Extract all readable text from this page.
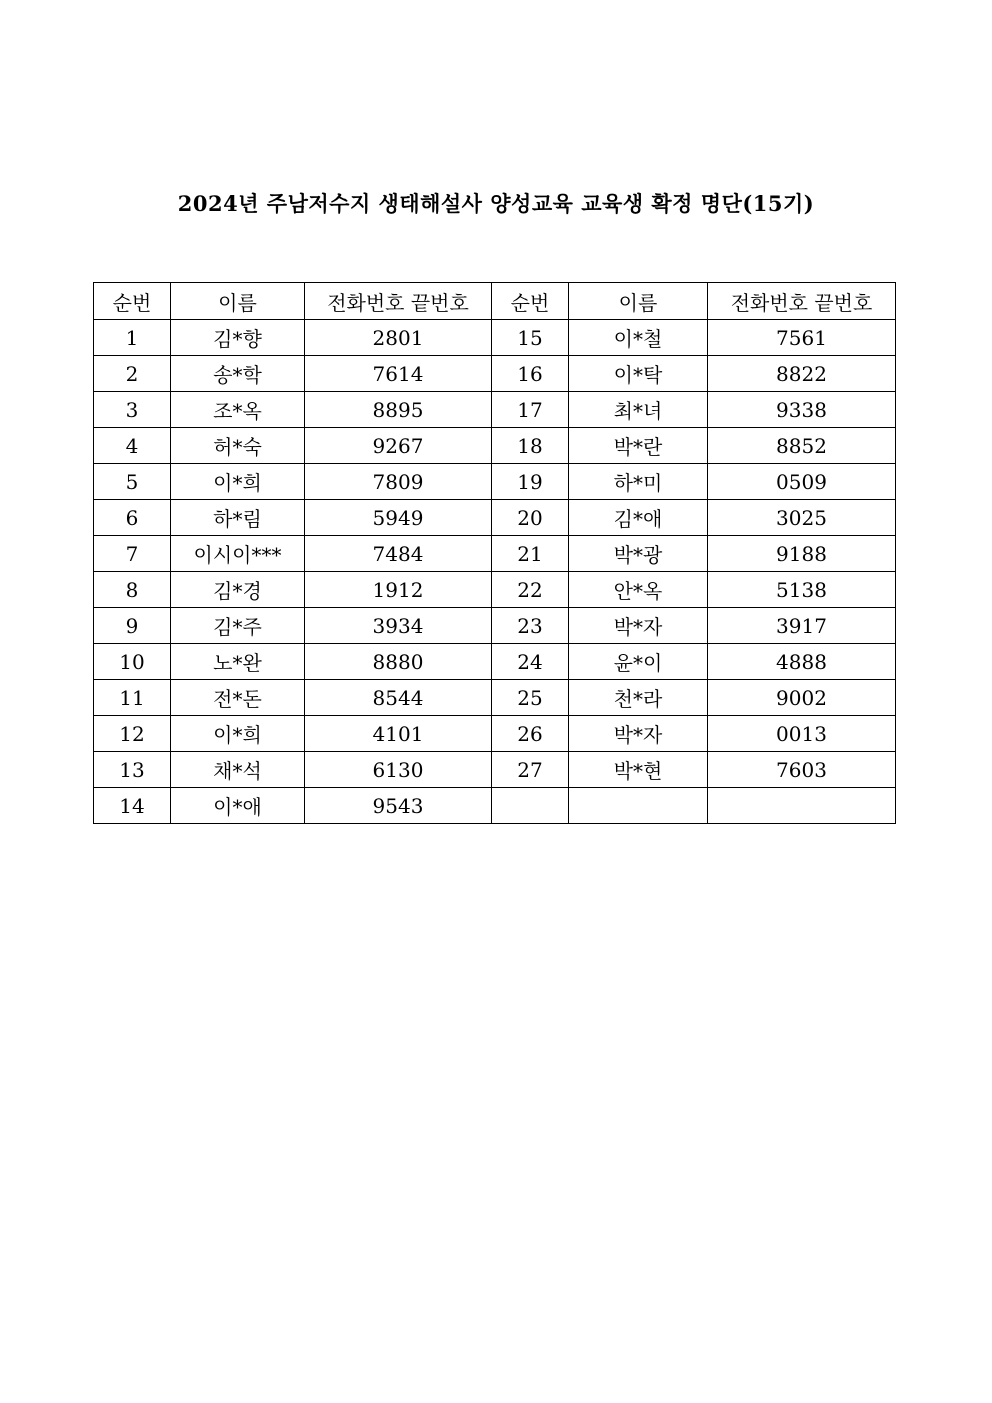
2024년 주남저수지 생태해설사 양성교육 교육생 확정 명단(15기)
순번	이름	전화번호 끝번호	순번	이름	전화번호 끝번호
1	김*향	2801	15	이*철	7561
2	송*학	7614	16	이*탁	8822
3	조*옥	8895	17	최*녀	9338
4	허*숙	9267	18	박*란	8852
5	이*희	7809	19	하*미	0509
6	하*림	5949	20	김*애	3025
7	이시이***	7484	21	박*광	9188
8	김*경	1912	22	안*옥	5138
9	김*주	3934	23	박*자	3917
10	노*완	8880	24	윤*이	4888
11	전*돈	8544	25	천*라	9002
12	이*희	4101	26	박*자	0013
13	채*석	6130	27	박*현	7603
14	이*애	9543			
